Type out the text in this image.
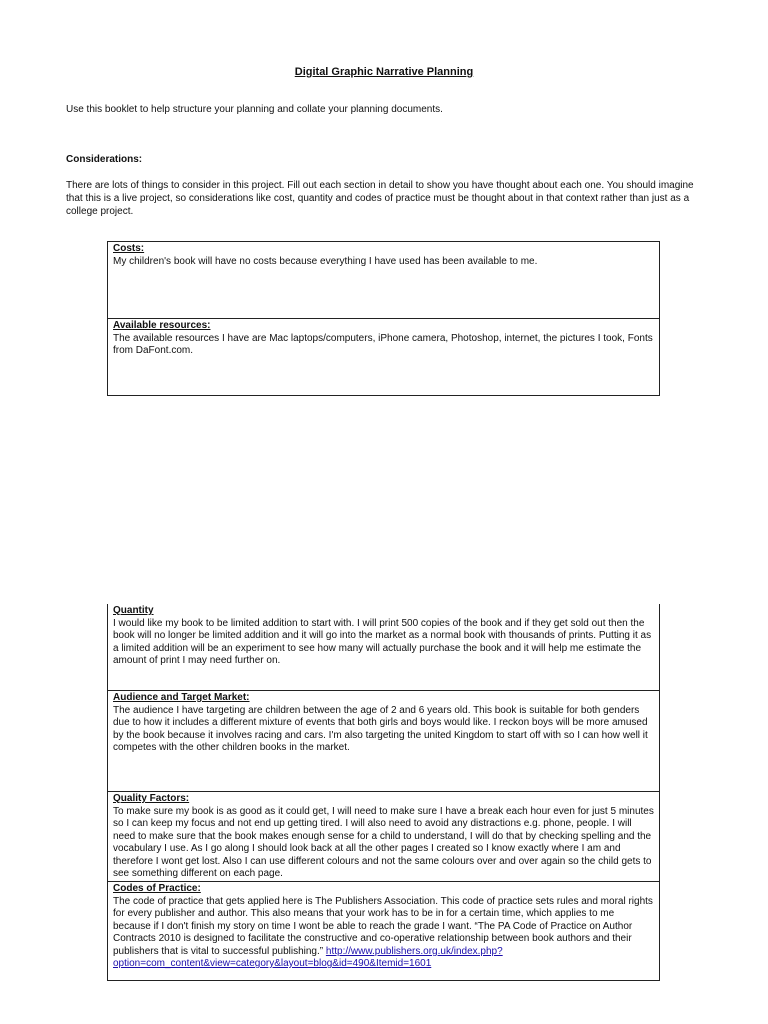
Digital Graphic Narrative Planning
Use this booklet to help structure your planning and collate your planning documents.
Considerations:
There are lots of things to consider in this project. Fill out each section in detail to show you have thought about each one. You should imagine that this is a live project, so considerations like cost, quantity and codes of practice must be thought about in that context rather than just as a college project.
Costs:
My children's book will have no costs because everything I have used has been available to me.
Available resources:
The available resources I have are Mac laptops/computers, iPhone camera, Photoshop, internet, the pictures I took, Fonts from DaFont.com.
Quantity
I would like my book to be limited addition to start with. I will print 500 copies of the book and if they get sold out then the book will no longer be limited addition and it will go into the market as a normal book with thousands of prints. Putting it as a limited addition will be an experiment to see how many will actually purchase the book and it will help me estimate the amount of print I may need further on.
Audience and Target Market:
The audience I have targeting are children between the age of 2 and 6 years old. This book is suitable for both genders due to how it includes a different mixture of events that both girls and boys would like. I reckon boys will be more amused by the book because it involves racing and cars. I'm also targeting the united Kingdom to start off with so I can how well it competes with the other children books in the market.
Quality Factors:
To make sure my book is as good as it could get, I will need to make sure I have a break each hour even for just 5 minutes so I can keep my focus and not end up getting tired. I will also need to avoid any distractions e.g. phone, people. I will need to make sure that the book makes enough sense for a child to understand, I will do that by checking spelling and the vocabulary I use. As I go along I should look back at all the other pages I created so I know exactly where I am and therefore I wont get lost. Also I can use different colours and not the same colours over and over again so the child gets to see something different on each page.
Codes of Practice:
The code of practice that gets applied here is The Publishers Association. This code of practice sets rules and moral rights for every publisher and author. This also means that your work has to be in for a certain time, which applies to me because if I don't finish my story on time I wont be able to reach the grade I want. “The PA Code of Practice on Author Contracts 2010 is designed to facilitate the constructive and co-operative relationship between book authors and their publishers that is vital to successful publishing.” http://www.publishers.org.uk/index.php?option=com_content&view=category&layout=blog&id=490&Itemid=1601
